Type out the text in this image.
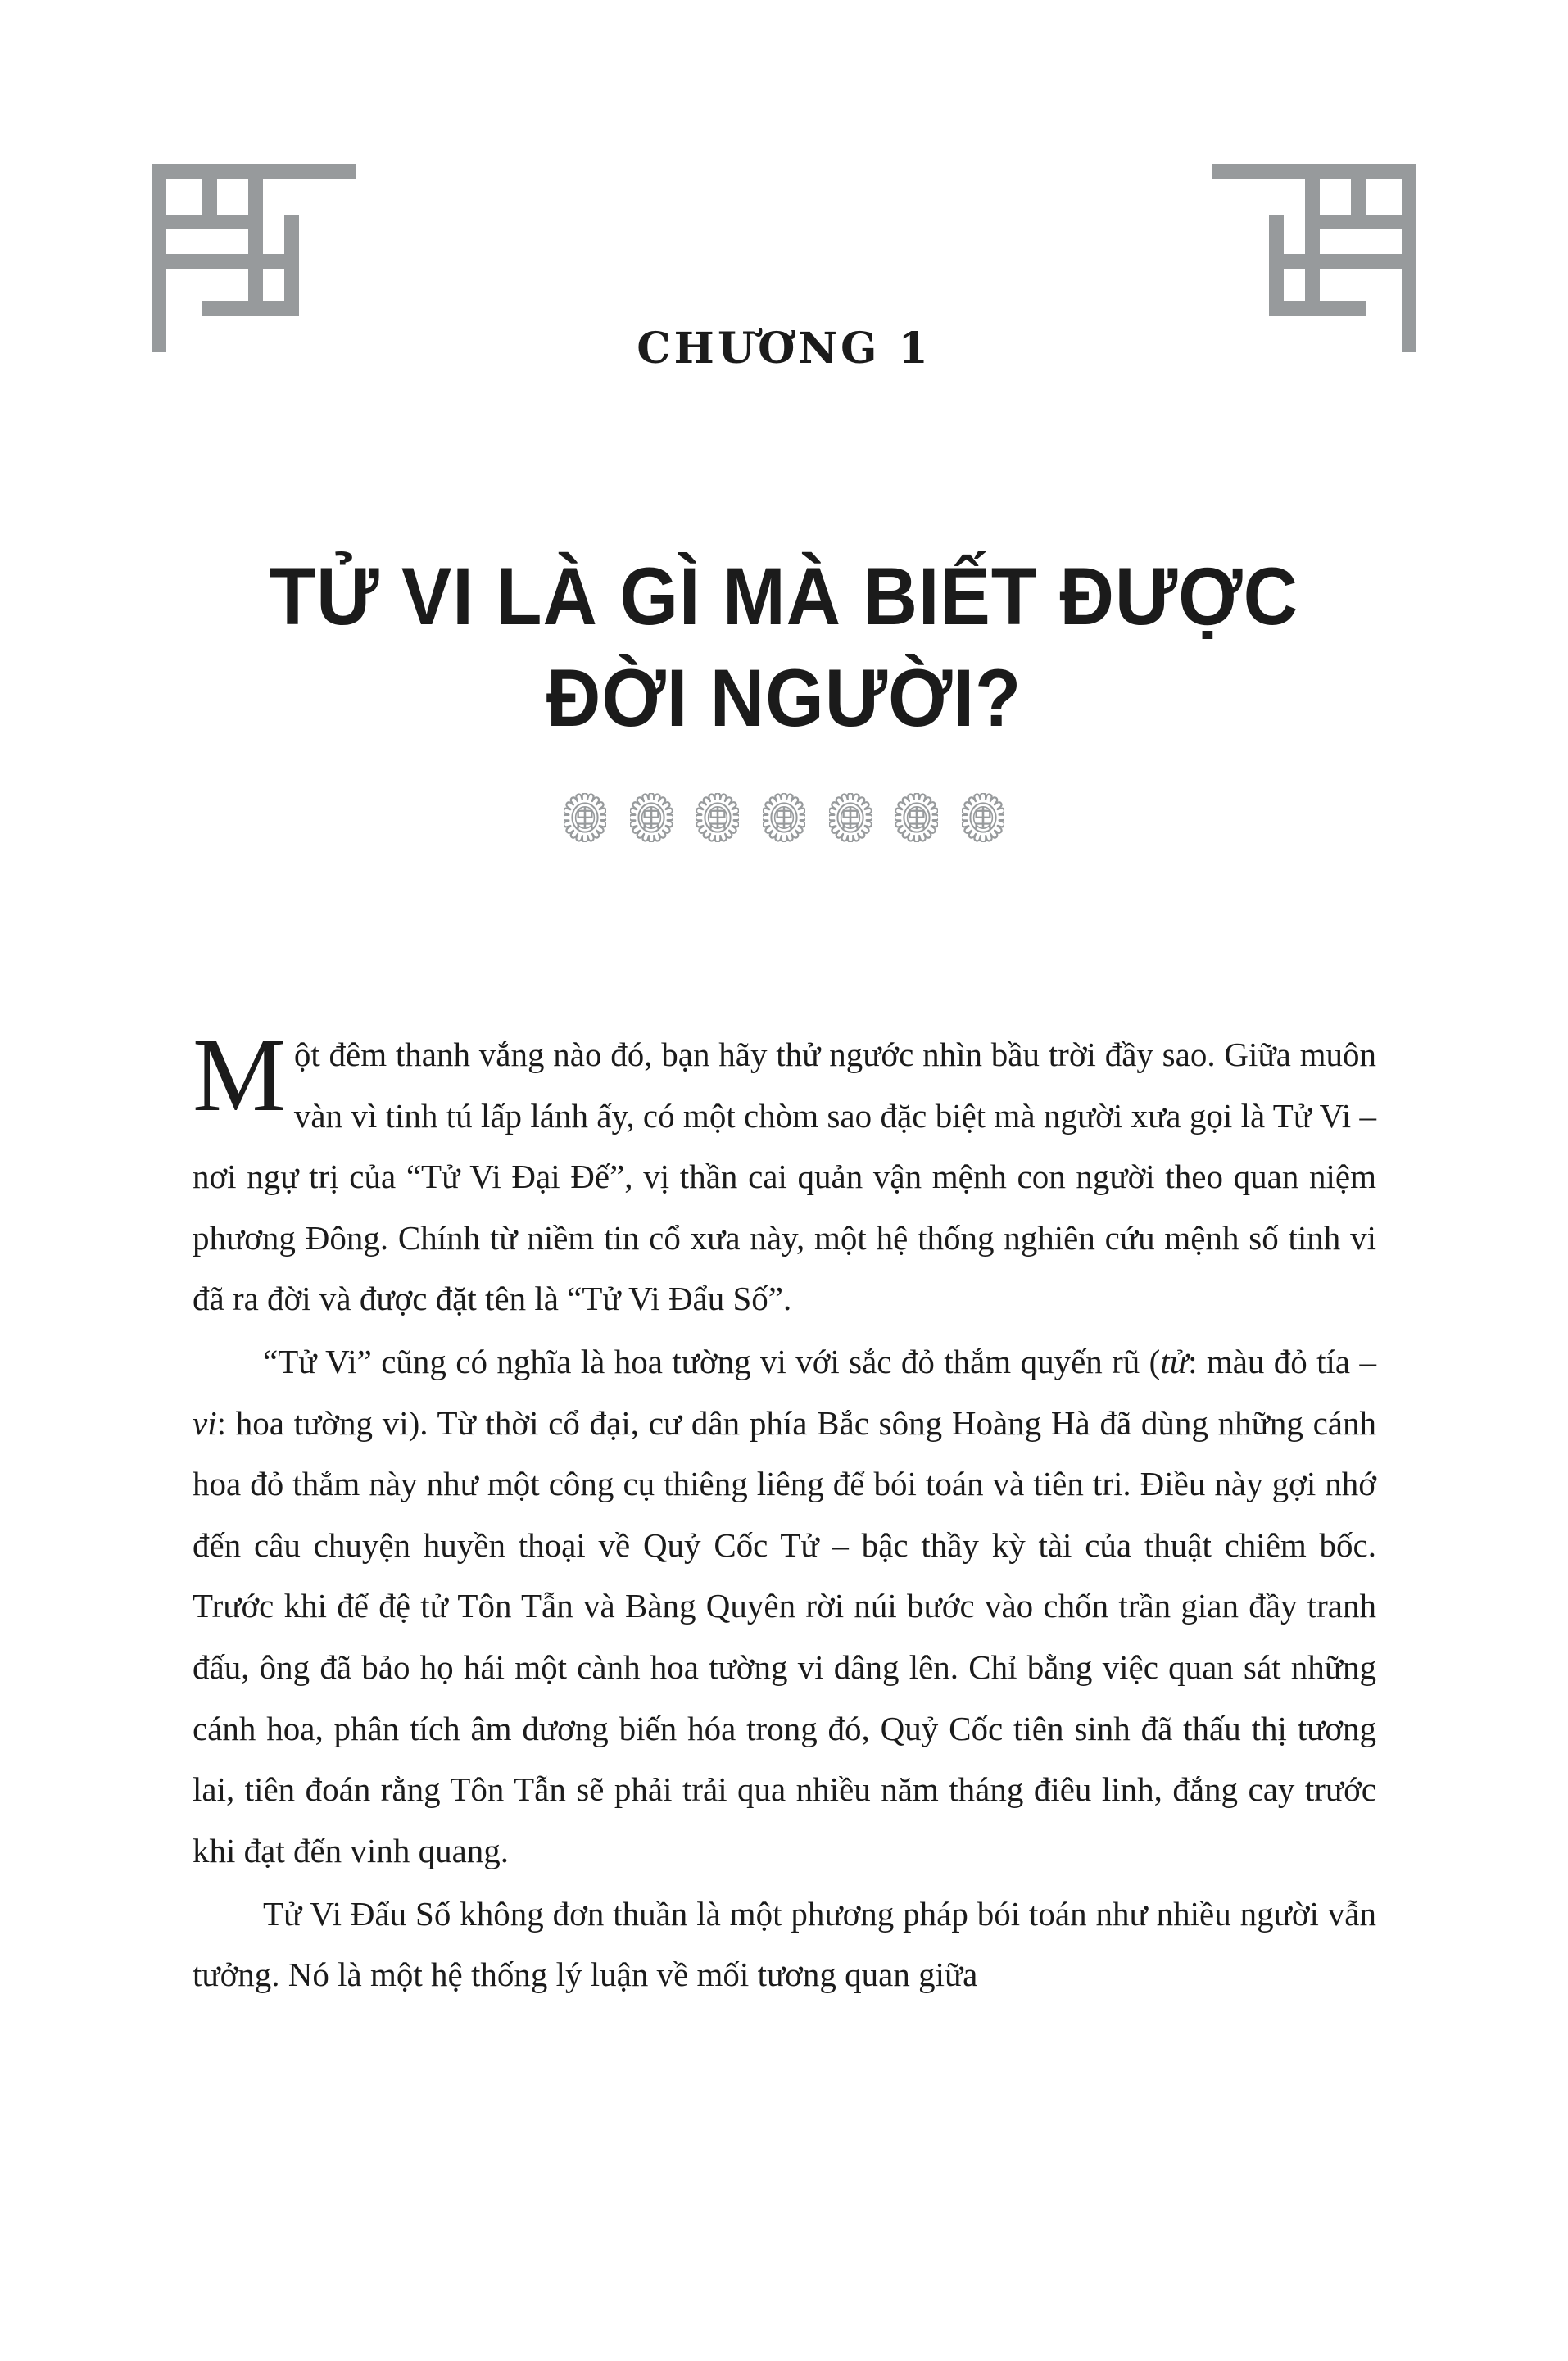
CHƯƠNG 1
TỬ VI LÀ GÌ MÀ BIẾT ĐƯỢC
ĐỜI NGƯỜI?

Một đêm thanh vắng nào đó, bạn hãy thử ngước nhìn bầu trời đầy sao. Giữa muôn vàn vì tinh tú lấp lánh ấy, có một chòm sao đặc biệt mà người xưa gọi là Tử Vi – nơi ngự trị của “Tử Vi Đại Đế”, vị thần cai quản vận mệnh con người theo quan niệm phương Đông. Chính từ niềm tin cổ xưa này, một hệ thống nghiên cứu mệnh số tinh vi đã ra đời và được đặt tên là “Tử Vi Đẩu Số”.

“Tử Vi” cũng có nghĩa là hoa tường vi với sắc đỏ thắm quyến rũ (tử: màu đỏ tía – vi: hoa tường vi). Từ thời cổ đại, cư dân phía Bắc sông Hoàng Hà đã dùng những cánh hoa đỏ thắm này như một công cụ thiêng liêng để bói toán và tiên tri. Điều này gợi nhớ đến câu chuyện huyền thoại về Quỷ Cốc Tử – bậc thầy kỳ tài của thuật chiêm bốc. Trước khi để đệ tử Tôn Tẫn và Bàng Quyên rời núi bước vào chốn trần gian đầy tranh đấu, ông đã bảo họ hái một cành hoa tường vi dâng lên. Chỉ bằng việc quan sát những cánh hoa, phân tích âm dương biến hóa trong đó, Quỷ Cốc tiên sinh đã thấu thị tương lai, tiên đoán rằng Tôn Tẫn sẽ phải trải qua nhiều năm tháng điêu linh, đắng cay trước khi đạt đến vinh quang.

Tử Vi Đẩu Số không đơn thuần là một phương pháp bói toán như nhiều người vẫn tưởng. Nó là một hệ thống lý luận về mối tương quan giữa
